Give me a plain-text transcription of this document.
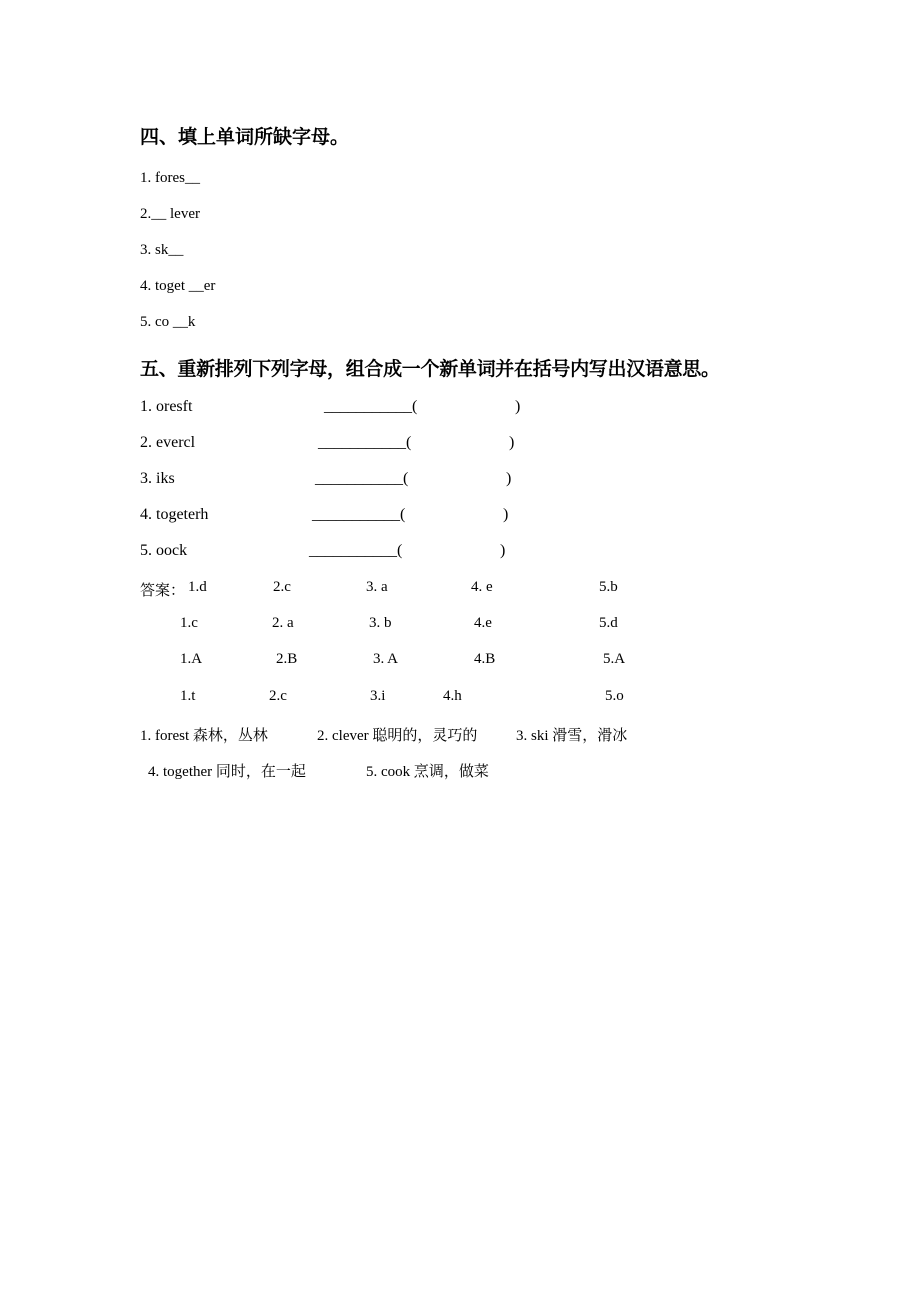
四、填上单词所缺字母。
1. fores__
2.__ lever
3. sk__
4. toget __er
5. co __k
五、重新排列下列字母，组合成一个新单词并在括号内写出汉语意思。
1. oresft	___________(	)
2. evercl	___________(	)
3. iks	___________(	)
4. togeterh	___________(	)
5. oock	___________(	)
答案： 1.d	2.c	3. a	4. e	5.b
1.c	2. a	3. b	4.e	5.d
1.A	2.B	3. A	4.B	5.A
1.t	2.c	3.i	4.h	5.o
1. forest 森林，丛林	2. clever 聪明的，灵巧的	3. ski 滑雪，滑冰
4. together 同时，在一起	5. cook 烹调，做菜
